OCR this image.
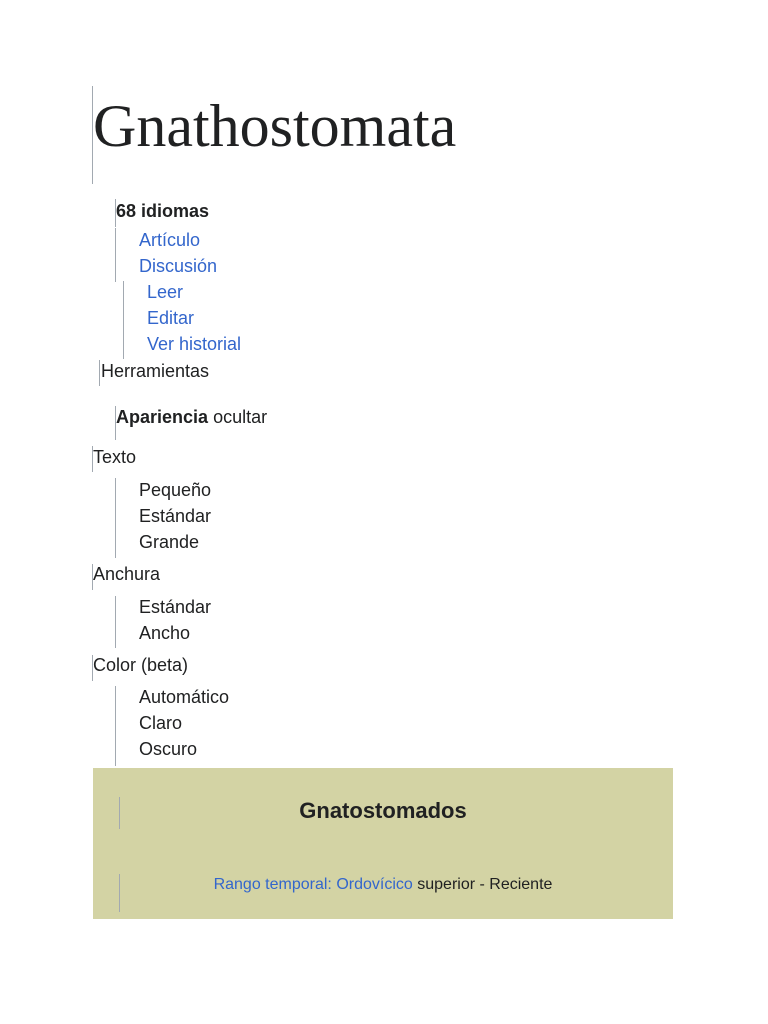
Gnathostomata
68 idiomas
Artículo
Discusión
Leer
Editar
Ver historial
Herramientas
Apariencia ocultar
Texto
Pequeño
Estándar
Grande
Anchura
Estándar
Ancho
Color (beta)
Automático
Claro
Oscuro
Gnatostomados
Rango temporal: Ordovícico superior - Reciente
